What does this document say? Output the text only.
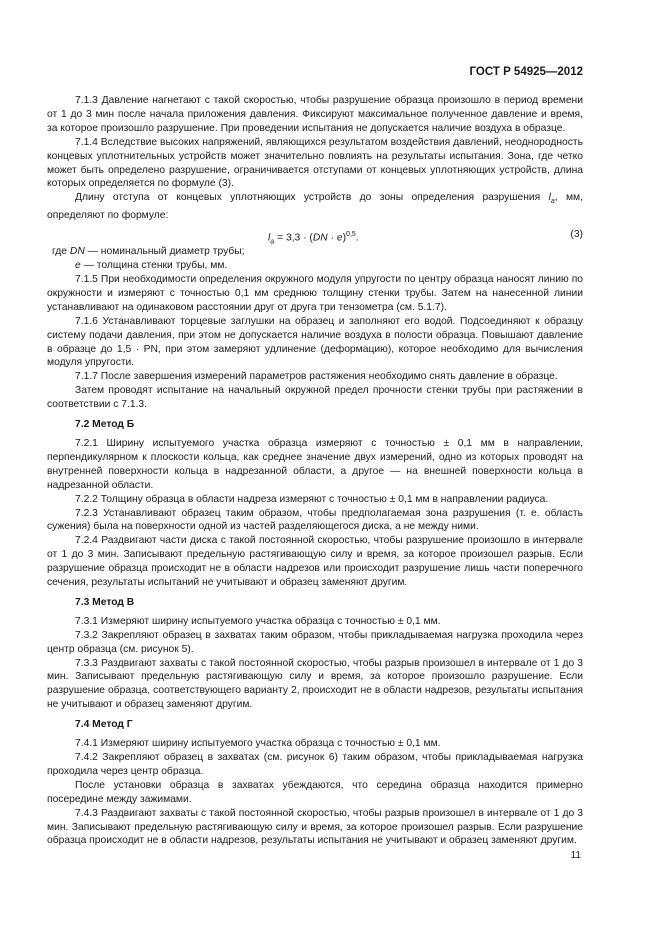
ГОСТ Р 54925—2012

7.1.3 Давление нагнетают с такой скоростью, чтобы разрушение образца произошло в период времени от 1 до 3 мин после начала приложения давления. Фиксируют максимальное полученное давление и время, за которое произошло разрушение. При проведении испытания не допускается наличие воздуха в образце.

7.1.4 Вследствие высоких напряжений, являющихся результатом воздействия давлений, неоднородность концевых уплотнительных устройств может значительно повлиять на результаты испытания. Зона, где четко может быть определено разрушение, ограничивается отступами от концевых уплотняющих устройств, длина которых определяется по формуле (3).

Длину отступа от концевых уплотняющих устройств до зоны определения разрушения $l_a$, мм, определяют по формуле:

$l_a = 3,3 \cdot (DN \cdot e)^{0,5}$.	(3)

где DN — номинальный диаметр трубы;

e — толщина стенки трубы, мм.

7.1.5 При необходимости определения окружного модуля упругости по центру образца наносят линию по окружности и измеряют с точностью 0,1 мм среднюю толщину стенки трубы. Затем на нанесенной линии устанавливают на одинаковом расстоянии друг от друга три тензометра (см. 5.1.7).

7.1.6 Устанавливают торцевые заглушки на образец и заполняют его водой. Подсоединяют к образцу систему подачи давления, при этом не допускается наличие воздуха в полости образца. Повышают давление в образце до 1,5 · PN, при этом замеряют удлинение (деформацию), которое необходимо для вычисления модуля упругости.

7.1.7 После завершения измерений параметров растяжения необходимо снять давление в образце.

Затем проводят испытание на начальный окружной предел прочности стенки трубы при растяжении в соответствии с 7.1.3.

7.2 Метод Б

7.2.1 Ширину испытуемого участка образца измеряют с точностью ± 0,1 мм в направлении, перпендикулярном к плоскости кольца, как среднее значение двух измерений, одно из которых проводят на внутренней поверхности кольца в надрезанной области, а другое — на внешней поверхности кольца в надрезанной области.

7.2.2 Толщину образца в области надреза измеряют с точностью ± 0,1 мм в направлении радиуса.

7.2.3 Устанавливают образец таким образом, чтобы предполагаемая зона разрушения (т. е. область сужения) была на поверхности одной из частей разделяющегося диска, а не между ними.

7.2.4 Раздвигают части диска с такой постоянной скоростью, чтобы разрушение произошло в интервале от 1 до 3 мин. Записывают предельную растягивающую силу и время, за которое произошел разрыв. Если разрушение образца происходит не в области надрезов или происходит разрушение лишь части поперечного сечения, результаты испытаний не учитывают и образец заменяют другим.

7.3 Метод В

7.3.1 Измеряют ширину испытуемого участка образца с точностью ± 0,1 мм.

7.3.2 Закрепляют образец в захватах таким образом, чтобы прикладываемая нагрузка проходила через центр образца (см. рисунок 5).

7.3.3 Раздвигают захваты с такой постоянной скоростью, чтобы разрыв произошел в интервале от 1 до 3 мин. Записывают предельную растягивающую силу и время, за которое произошло разрушение. Если разрушение образца, соответствующего варианту 2, происходит не в области надрезов, результаты испытания не учитывают и образец заменяют другим.

7.4 Метод Г

7.4.1 Измеряют ширину испытуемого участка образца с точностью ± 0,1 мм.

7.4.2 Закрепляют образец в захватах (см. рисунок 6) таким образом, чтобы прикладываемая нагрузка проходила через центр образца.

После установки образца в захватах убеждаются, что середина образца находится примерно посередине между зажимами.

7.4.3 Раздвигают захваты с такой постоянной скоростью, чтобы разрыв произошел в интервале от 1 до 3 мин. Записывают предельную растягивающую силу и время, за которое произошел разрыв. Если разрушение образца происходит не в области надрезов, результаты испытания не учитывают и образец заменяют другим.

11
